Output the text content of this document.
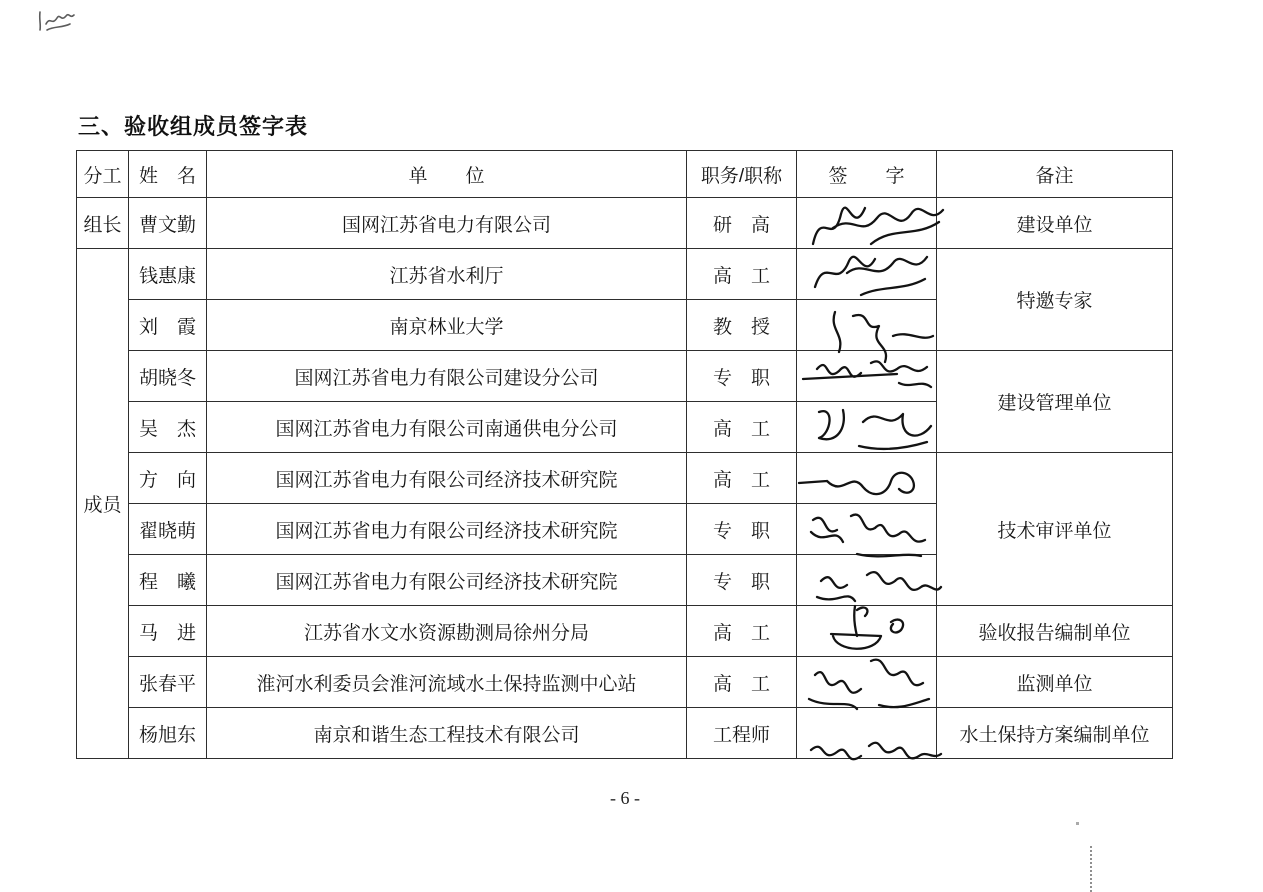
三、验收组成员签字表
分工	姓　名	单　　位	职务/职称	签　　字	备注
组长	曹文勤	国网江苏省电力有限公司	研　高		建设单位
成员	钱惠康	江苏省水利厅	高　工		特邀专家
	刘　霞	南京林业大学	教　授	

	胡晓冬	国网江苏省电力有限公司建设分公司	专　职		建设管理单位
	吴　杰	国网江苏省电力有限公司南通供电分公司	高　工	

	方　向	国网江苏省电力有限公司经济技术研究院	高　工		技术审评单位
	翟晓萌	国网江苏省电力有限公司经济技术研究院	专　职	

	程　曦	国网江苏省电力有限公司经济技术研究院	专　职	

	马　进	江苏省水文水资源勘测局徐州分局	高　工		验收报告编制单位
	张春平	淮河水利委员会淮河流域水土保持监测中心站	高　工		监测单位
	杨旭东	南京和谐生态工程技术有限公司	工程师		水土保持方案编制单位
- 6 -
